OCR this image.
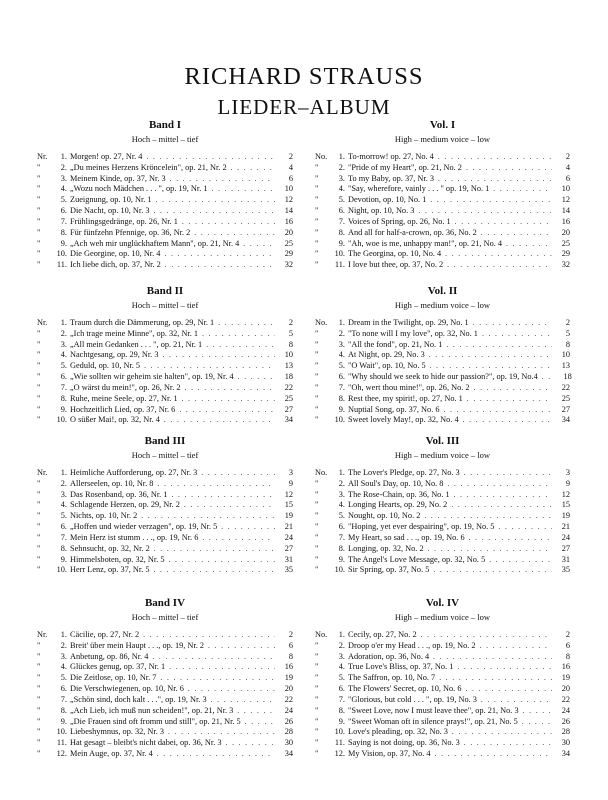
RICHARD STRAUSS
LIEDER–ALBUM
Band I
Hoch – mittel – tief
Nr.	1. Morgen! op. 27, Nr. 4 . . .	2
"	2. „Du meines Herzens Kröncelein", op. 21, Nr. 2 . . .	4
"	3. Meinem Kinde, op. 37, Nr. 3 . . .	6
"	4. „Wozu noch Mädchen . . . ", op. 19, Nr. 1 . . .	10
"	5. Zueignung, op. 10, Nr. 1 . . .	12
"	6. Die Nacht, op. 10, Nr. 3 . . .	14
"	7. Frühlingsgedränge, op. 26, Nr. 1 . . .	16
"	8. Für fünfzehn Pfennige, op. 36, Nr. 2 . . .	20
"	9. „Ach weh mir unglückhaftem Mann", op. 21, Nr. 4 . . .	25
"	10. Die Georgine, op. 10, Nr. 4 . . .	29
"	11. Ich liebe dich, op. 37, Nr. 2 . . .	32
Vol. I
High – medium voice – low
No.	1. To-morrow! op. 27, No. 4 . . .	2
"	2. "Pride of my Heart", op. 21, No. 2 . . .	4
"	3. To my Baby, op. 37, Nr. 3 . . .	6
"	4. "Say, wherefore, vainly . . . " op. 19, No. 1 . . .	10
"	5. Devotion, op. 10, No. 1 . . .	12
"	6. Night, op. 10, No. 3 . . .	14
"	7. Voices of Spring, op. 26, No. 1 . . .	16
"	8. And all for half-a-crown, op. 36, No. 2 . . .	20
"	9. "Ah, woe is me, unhappy man!", op. 21, No. 4 . . .	25
"	10. The Georgina, op. 10, No. 4 . . .	29
"	11. I love but thee, op. 37, No. 2 . . .	32
Band II
Hoch – mittel – tief
Nr.	1. Traum durch die Dämmerung, op. 29, Nr. 1 . . .	2
"	2. „Ich trage meine Minne", op. 32, Nr. 1 . . .	5
"	3. „All mein Gedanken . . . ", op. 21, Nr. 1 . . .	8
"	4. Nachtgesang, op. 29, Nr. 3 . . .	10
"	5. Geduld, op. 10, Nr. 5 . . .	13
"	6. „Wie sollten wir geheim sie halten", op. 19, Nr. 4 . . .	18
"	7. „O wärst du mein!", op. 26, Nr. 2 . . .	22
"	8. Ruhe, meine Seele, op. 27, Nr. 1 . . .	25
"	9. Hochzeitlich Lied, op. 37, Nr. 6 . . .	27
"	10. O süßer Mai!, op. 32, Nr. 4 . . .	34
Vol. II
High – medium voice – low
No.	1. Dream in the Twilight, op. 29, No. 1 . . .	2
"	2. "To none will I my love", op. 32, No. 1 . . .	5
"	3. "All the fond", op. 21, No. 1 . . .	8
"	4. At Night, op. 29, No. 3 . . .	10
"	5. "O Wait", op. 10, No. 5 . . .	13
"	6. "Why should we seek to hide our passion?", op. 19, No.4 . . .	18
"	7. "Oh, wert thou mine!", op. 26, No. 2 . . .	22
"	8. Rest thee, my spirit!, op. 27, No. 1 . . .	25
"	9. Nuptial Song, op. 37, No. 6 . . .	27
"	10. Sweet lovely May!, op. 32, No. 4 . . .	34
Band III
Hoch – mittel – tief
Nr.	1. Heimliche Aufforderung, op. 27, Nr. 3 . . .	3
"	2. Allerseelen, op. 10, Nr. 8 . . .	9
"	3. Das Rosenband, op. 36, Nr. 1 . . .	12
"	4. Schlagende Herzen, op. 29, Nr. 2 . . .	15
"	5. Nichts, op. 10, Nr. 2 . . .	19
"	6. „Hoffen und wieder verzagen", op. 19, Nr. 5 . . .	21
"	7. Mein Herz ist stumm . . ., op. 19, Nr. 6 . . .	24
"	8. Sehnsucht, op. 32, Nr. 2 . . .	27
"	9. Himmelsboten, op. 32, Nr. 5 . . .	31
"	10. Herr Lenz, op. 37, Nr. 5 . . .	35
Vol. III
High – medium voice – low
No.	1. The Lover's Pledge, op. 27, No. 3 . . .	3
"	2. All Soul's Day, op. 10, No. 8 . . .	9
"	3. The Rose-Chain, op. 36, No. 1 . . .	12
"	4. Longing Hearts, op. 29, No. 2 . . .	15
"	5. Nought, op. 10, No. 2 . . .	19
"	6. "Hoping, yet ever despairing", op. 19, No. 5 . . .	21
"	7. My Heart, so sad . . ., op. 19, No. 6 . . .	24
"	8. Longing, op. 32, No. 2 . . .	27
"	9. The Angel's Love Message, op. 32, No. 5 . . .	31
"	10. Sir Spring, op. 37, No. 5 . . .	35
Band IV
Hoch – mittel – tief
Nr.	1. Cäcilie, op. 27, Nr. 2 . . .	2
"	2. Breit' über mein Haupt . . ., op. 19, Nr. 2 . . .	6
"	3. Anbetung, op. 86, Nr. 4 . . .	8
"	4. Glückes genug, op. 37, Nr. 1 . . .	16
"	5. Die Zeitlose, op. 10, Nr. 7 . . .	19
"	6. Die Verschwiegenen, op. 10, Nr. 6 . . .	20
"	7. „Schön sind, doch kalt . . .", op. 19, Nr. 3 . . .	22
"	8. „Ach Lieb, ich muß nun scheiden!", op. 21, Nr. 3 . . .	24
"	9. „Die Frauen sind oft fromm und still", op. 21, Nr. 5 . . .	26
"	10. Liebeshymnus, op. 32, Nr. 3 . . .	28
"	11. Hat gesagt – bleibt's nicht dabei, op. 36, Nr. 3 . . .	30
"	12. Mein Auge, op. 37, Nr. 4 . . .	34
Vol. IV
High – medium voice – low
No.	1. Cecily, op. 27, No. 2 . . .	2
"	2. Droop o'er my Head . . ., op. 19, No. 2 . . .	6
"	3. Adoration, op. 36, No. 4 . . .	8
"	4. True Love's Bliss, op. 37, No. 1 . . .	16
"	5. The Saffron, op. 10, No. 7 . . .	19
"	6. The Flowers' Secret, op. 10, No. 6 . . .	20
"	7. "Glorious, but cold . . . ", op. 19, No. 3 . . .	22
"	8. "Sweet Love, now I must leave thee", op. 21, No. 3 . . .	24
"	9. "Sweet Woman oft in silence prays!", op. 21, No. 5 . . .	26
"	10. Love's pleading, op. 32, No. 3 . . .	28
"	11. Saying is not doing, op. 36, No. 3 . . .	30
"	12. My Vision, op. 37, No. 4 . . .	34
